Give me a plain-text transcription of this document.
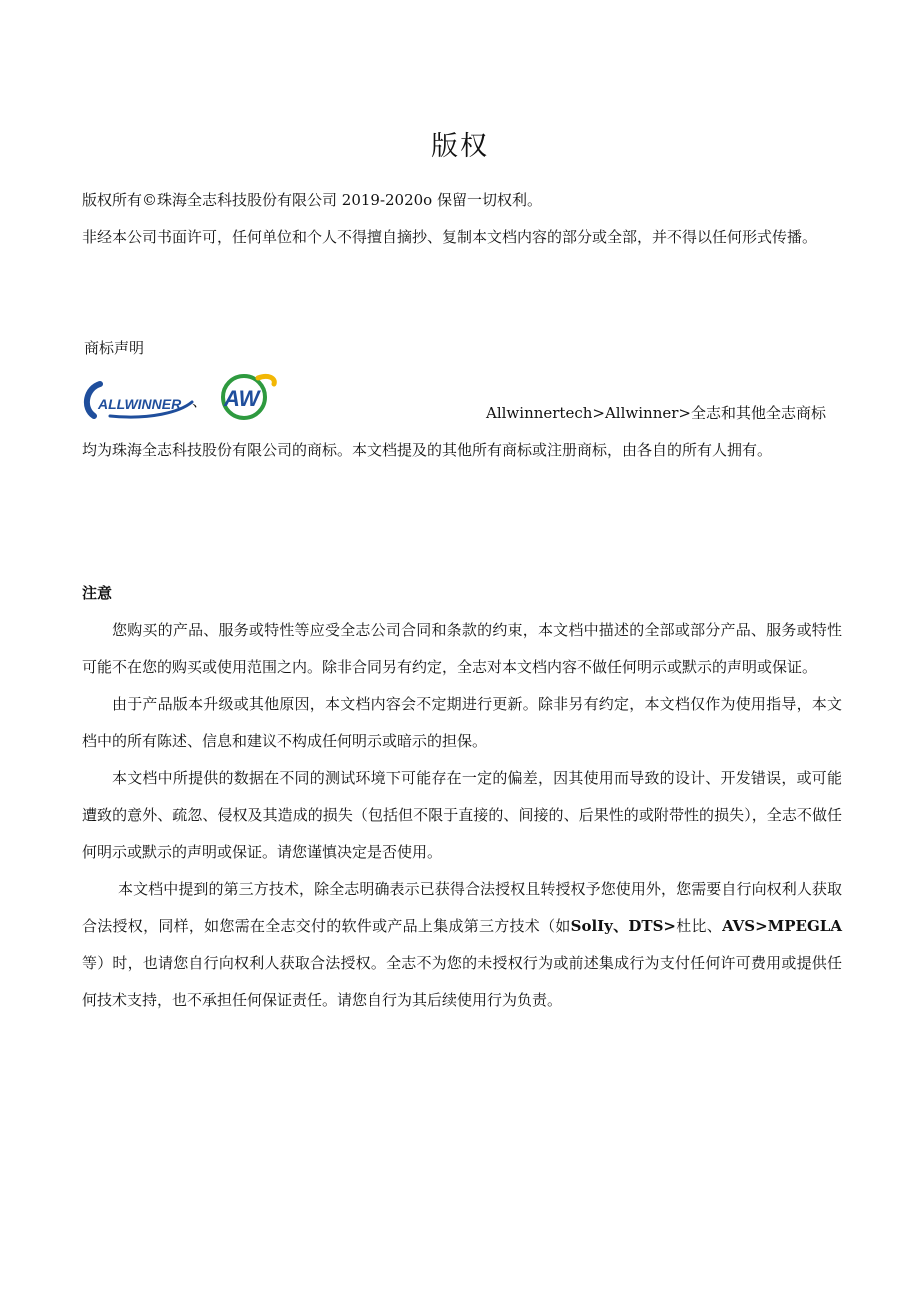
版权
版权所有©珠海全志科技股份有限公司 2019-2020o 保留一切权利。
非经本公司书面许可，任何单位和个人不得擅自摘抄、复制本文档内容的部分或全部，并不得以任何形式传播。
商标声明
ALLWINNER 、 AW
Allwinnertech>Allwinner>全志和其他全志商标
均为珠海全志科技股份有限公司的商标。本文档提及的其他所有商标或注册商标，由各自的所有人拥有。
注意

您购买的产品、服务或特性等应受全志公司合同和条款的约束，本文档中描述的全部或部分产品、服务或特性可能不在您的购买或使用范围之内。除非合同另有约定，全志对本文档内容不做任何明示或默示的声明或保证。

由于产品版本升级或其他原因，本文档内容会不定期进行更新。除非另有约定，本文档仅作为使用指导，本文档中的所有陈述、信息和建议不构成任何明示或暗示的担保。

本文档中所提供的数据在不同的测试环境下可能存在一定的偏差，因其使用而导致的设计、开发错误，或可能遭致的意外、疏忽、侵权及其造成的损失（包括但不限于直接的、间接的、后果性的或附带性的损失），全志不做任何明示或默示的声明或保证。请您谨慎决定是否使用。

本文档中提到的第三方技术，除全志明确表示已获得合法授权且转授权予您使用外，您需要自行向权利人获取合法授权，同样，如您需在全志交付的软件或产品上集成第三方技术（如SolIy、DTS>杜比、AVS>MPEGLA等）时，也请您自行向权利人获取合法授权。全志不为您的未授权行为或前述集成行为支付任何许可费用或提供任何技术支持，也不承担任何保证责任。请您自行为其后续使用行为负责。
